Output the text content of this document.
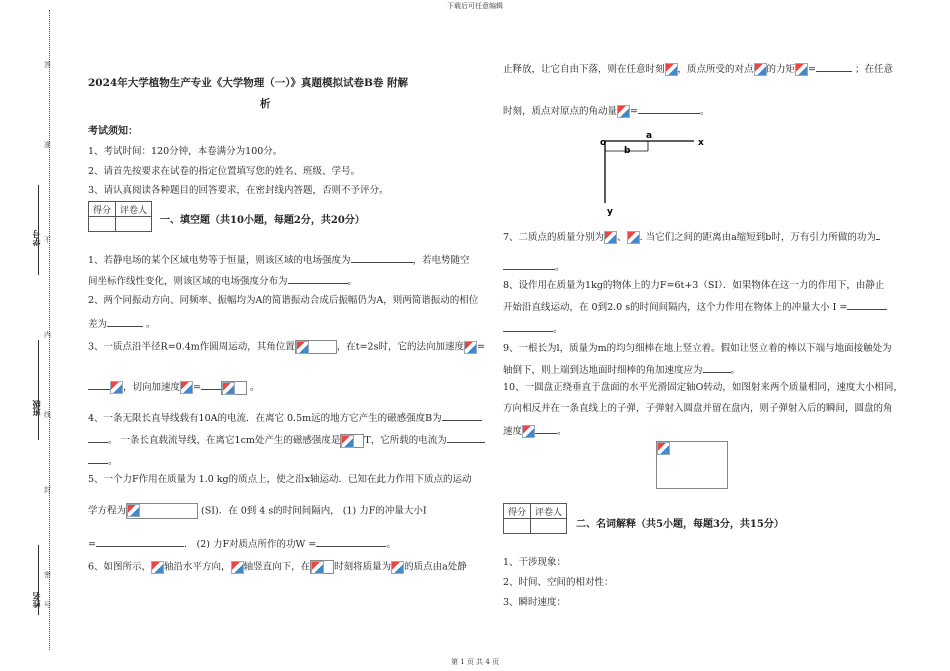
下载后可任意编辑
第 1 页 共 4 页
答
准
不
内
线
封
密
号
学号
班级
姓名
2024年大学植物生产专业《大学物理（一）》真题模拟试卷B卷 附解
析
考试须知：
1、考试时间：120分钟，本卷满分为100分。
2、请首先按要求在试卷的指定位置填写您的姓名、班级、学号。
3、请认真阅读各种题目的回答要求，在密封线内答题，否则不予评分。
得分	评卷人

一、填空题（共10小题，每题2分，共20分）
1、若静电场的某个区域电势等于恒量，则该区域的电场强度为	，若电势随空
间坐标作线性变化，则该区域的电场强度分布为	。
2、两个同振动方向、同频率、振幅均为A的简谐振动合成后振幅仍为A，则两简谐振动的相位
差为	。
3、一质点沿半径R=0.4m作圆周运动，其角位置	，在t=2s时，它的法向加速度 =
，切向加速度 =	。
4、一条无限长直导线载有10A的电流．在离它 0.5m远的地方它产生的磁感强度B为
。 一条长直载流导线，在离它1cm处产生的磁感强度是	T，它所载的电流为
。
5、一个力F作用在质量为 1.0 kg的质点上，使之沿x轴运动．已知在此力作用下质点的运动
学方程为	(SI)．在 0到 4 s的时间间隔内， (1) 力F的冲量大小I
=	． (2) 力F对质点所作的功W =	。
6、如图所示， 轴沿水平方向， 轴竖直向下，在	时刻将质量为 的质点由a处静
止释放，让它自由下落，则在任意时刻 ，质点所受的对点 的力矩 =	；在任意
时刻，质点对原点的角动量 =	。
o
a
b
x
y
7、二质点的质量分别为 、 . 当它们之间的距离由a缩短到b时，万有引力所做的功为
。
8、设作用在质量为1kg的物体上的力F=6t+3（SI）．如果物体在这一力的作用下，由静止
开始沿直线运动，在 0到2.0 s的时间间隔内，这个力作用在物体上的冲量大小 I =
。
9、一根长为l，质量为m的均匀细棒在地上竖立着。假如让竖立着的棒以下端与地面接触处为
轴倒下，则上端到达地面时细棒的角加速度应为	。
10、一圆盘正绕垂直于盘面的水平光滑固定轴O转动，如图射来两个质量相同，速度大小相同，
方向相反并在一条直线上的子弹，子弹射入圆盘并留在盘内，则子弹射入后的瞬间，圆盘的角
速度	。
得分	评卷人

二、名词解释（共5小题，每题3分，共15分）
1、干涉现象：
2、时间、空间的相对性：
3、瞬时速度：
